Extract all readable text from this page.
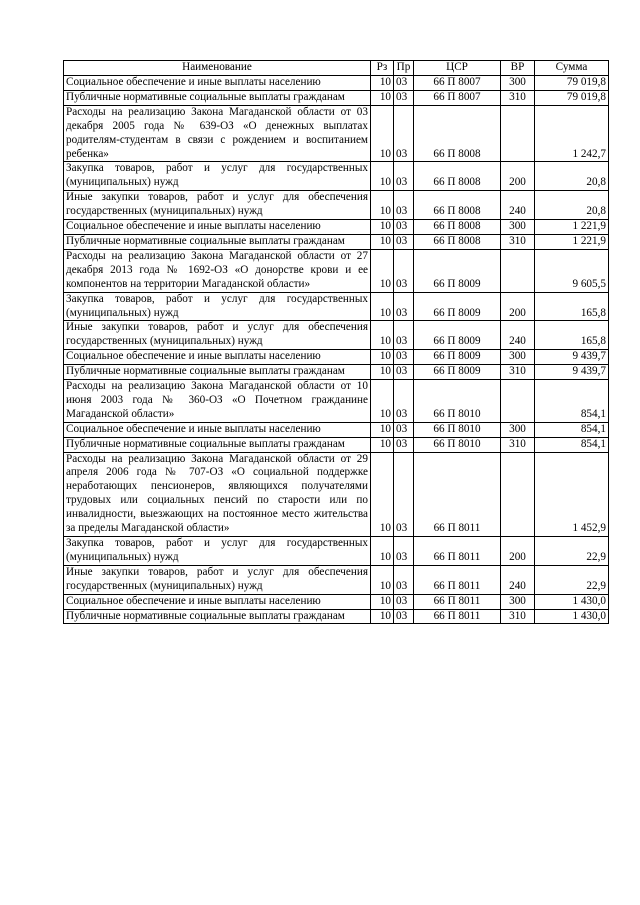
Наименование	Рз	Пр	ЦСР	ВР	Сумма
Социальное обеспечение и иные выплаты населению	10	03	66 П 8007	300	79 019,8
Публичные нормативные социальные выплаты гражданам	10	03	66 П 8007	310	79 019,8
Расходы на реализацию Закона Магаданской области от 03 декабря 2005 года № 639-ОЗ «О денежных выплатах родителям-студентам в связи с рождением и воспитанием ребенка»	10	03	66 П 8008		1 242,7
Закупка товаров, работ и услуг для государственных (муниципальных) нужд	10	03	66 П 8008	200	20,8
Иные закупки товаров, работ и услуг для обеспечения государственных (муниципальных) нужд	10	03	66 П 8008	240	20,8
Социальное обеспечение и иные выплаты населению	10	03	66 П 8008	300	1 221,9
Публичные нормативные социальные выплаты гражданам	10	03	66 П 8008	310	1 221,9
Расходы на реализацию Закона Магаданской области от 27 декабря 2013 года № 1692-ОЗ «О донорстве крови и ее компонентов на территории Магаданской области»	10	03	66 П 8009		9 605,5
Закупка товаров, работ и услуг для государственных (муниципальных) нужд	10	03	66 П 8009	200	165,8
Иные закупки товаров, работ и услуг для обеспечения государственных (муниципальных) нужд	10	03	66 П 8009	240	165,8
Социальное обеспечение и иные выплаты населению	10	03	66 П 8009	300	9 439,7
Публичные нормативные социальные выплаты гражданам	10	03	66 П 8009	310	9 439,7
Расходы на реализацию Закона Магаданской области от 10 июня 2003 года № 360-ОЗ «О Почетном гражданине Магаданской области»	10	03	66 П 8010		854,1
Социальное обеспечение и иные выплаты населению	10	03	66 П 8010	300	854,1
Публичные нормативные социальные выплаты гражданам	10	03	66 П 8010	310	854,1
Расходы на реализацию Закона Магаданской области от 29 апреля 2006 года № 707-ОЗ «О социальной поддержке неработающих пенсионеров, являющихся получателями трудовых или социальных пенсий по старости или по инвалидности, выезжающих на постоянное место жительства за пределы Магаданской области»	10	03	66 П 8011		1 452,9
Закупка товаров, работ и услуг для государственных (муниципальных) нужд	10	03	66 П 8011	200	22,9
Иные закупки товаров, работ и услуг для обеспечения государственных (муниципальных) нужд	10	03	66 П 8011	240	22,9
Социальное обеспечение и иные выплаты населению	10	03	66 П 8011	300	1 430,0
Публичные нормативные социальные выплаты гражданам	10	03	66 П 8011	310	1 430,0
